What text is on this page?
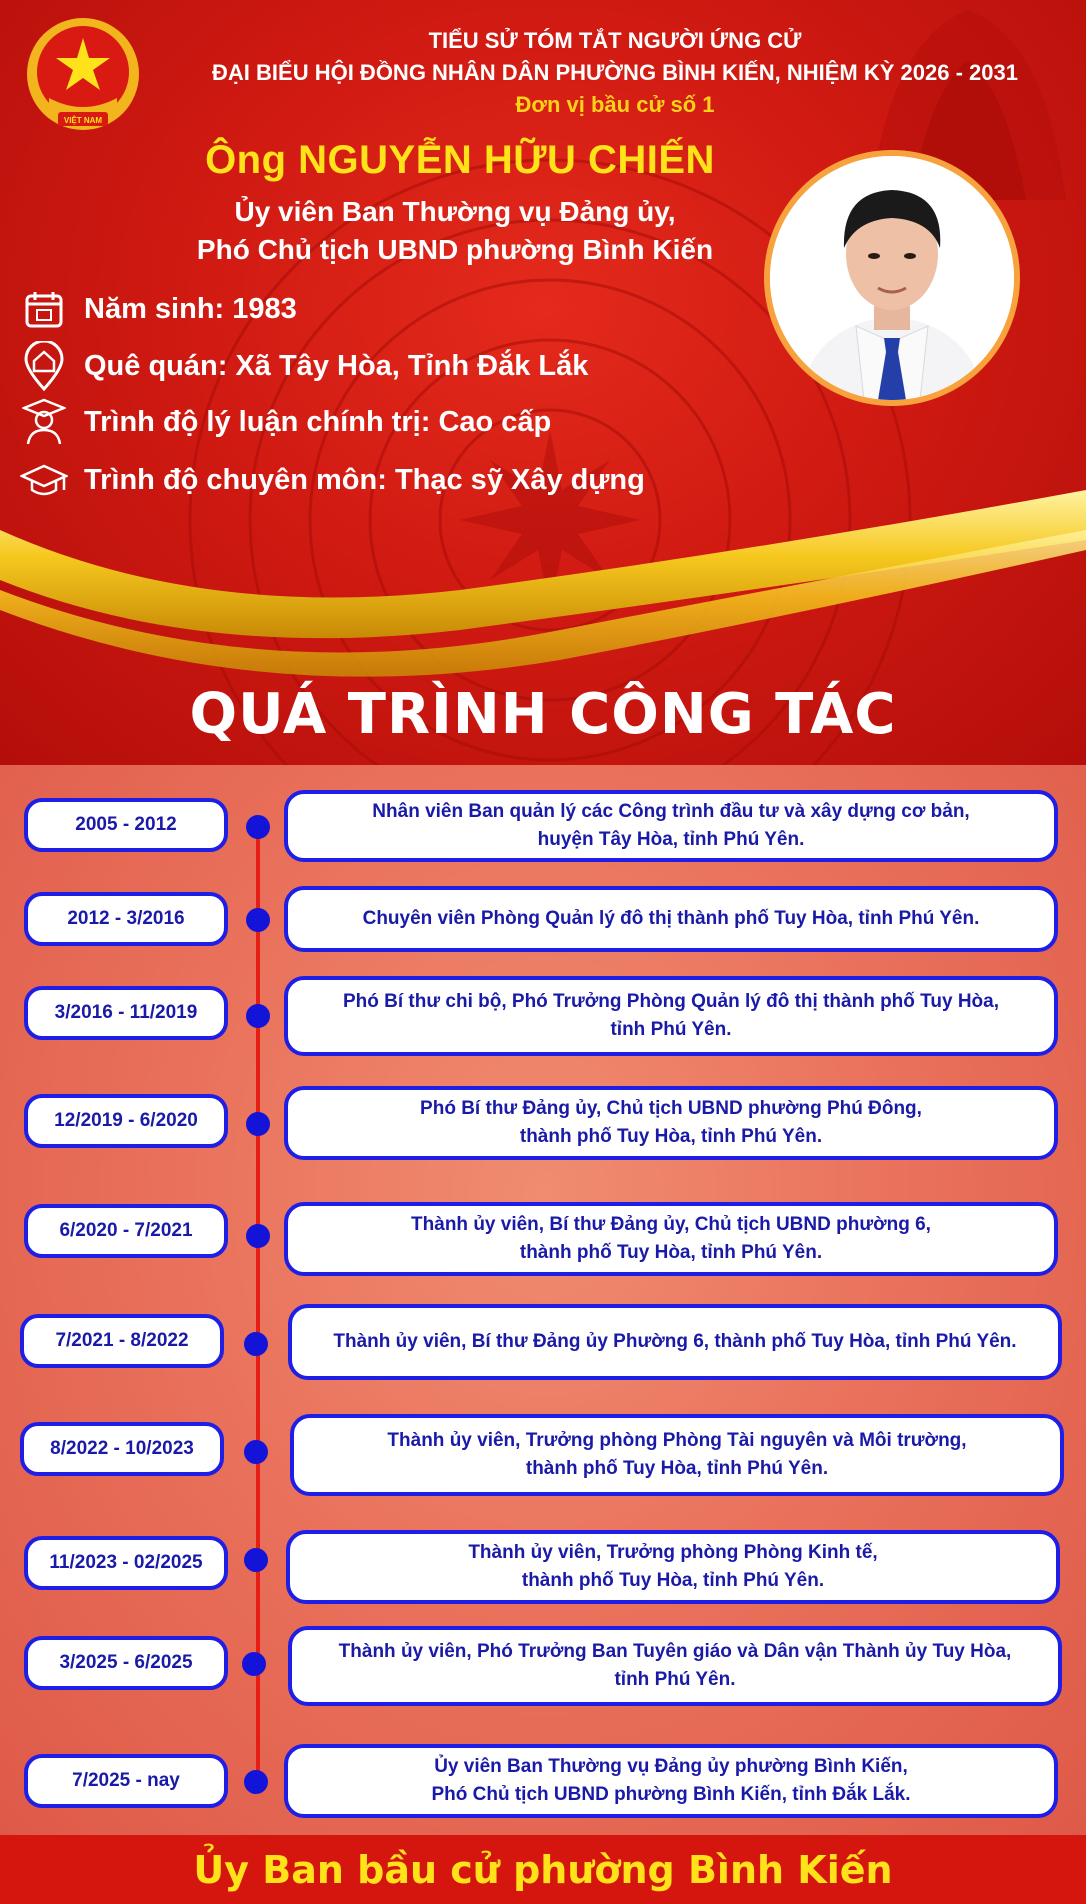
VIỆT NAM
TIỂU SỬ TÓM TẮT NGƯỜI ỨNG CỬ
ĐẠI BIỂU HỘI ĐỒNG NHÂN DÂN PHƯỜNG BÌNH KIẾN, NHIỆM KỲ 2026 - 2031
Đơn vị bầu cử số 1
Ông NGUYỄN HỮU CHIẾN
Ủy viên Ban Thường vụ Đảng ủy,
Phó Chủ tịch UBND phường Bình Kiến
Năm sinh: 1983
Quê quán: Xã Tây Hòa, Tỉnh Đắk Lắk
Trình độ lý luận chính trị: Cao cấp
Trình độ chuyên môn: Thạc sỹ Xây dựng
QUÁ TRÌNH CÔNG TÁC
2005 - 2012
Nhân viên Ban quản lý các Công trình đầu tư và xây dựng cơ bản,
huyện Tây Hòa, tỉnh Phú Yên.
2012 - 3/2016	Chuyên viên Phòng Quản lý đô thị thành phố Tuy Hòa, tỉnh Phú Yên.
3/2016 - 11/2019
Phó Bí thư chi bộ, Phó Trưởng Phòng Quản lý đô thị thành phố Tuy Hòa,
tỉnh Phú Yên.
12/2019 - 6/2020
Phó Bí thư Đảng ủy, Chủ tịch UBND phường Phú Đông,
thành phố Tuy Hòa, tỉnh Phú Yên.
6/2020 - 7/2021	Thành ủy viên, Bí thư Đảng ủy, Chủ tịch UBND phường 6,
thành phố Tuy Hòa, tỉnh Phú Yên.
7/2021 - 8/2022	Thành ủy viên, Bí thư Đảng ủy Phường 6, thành phố Tuy Hòa, tỉnh Phú Yên.
8/2022 - 10/2023	Thành ủy viên, Trưởng phòng Phòng Tài nguyên và Môi trường,
thành phố Tuy Hòa, tỉnh Phú Yên.
11/2023 - 02/2025	Thành ủy viên, Trưởng phòng Phòng Kinh tế,
thành phố Tuy Hòa, tỉnh Phú Yên.
3/2025 - 6/2025
Thành ủy viên, Phó Trưởng Ban Tuyên giáo và Dân vận Thành ủy Tuy Hòa,
tỉnh Phú Yên.
7/2025 - nay
Ủy viên Ban Thường vụ Đảng ủy phường Bình Kiến,
Phó Chủ tịch UBND phường Bình Kiến, tỉnh Đắk Lắk.
Ủy Ban bầu cử phường Bình Kiến
